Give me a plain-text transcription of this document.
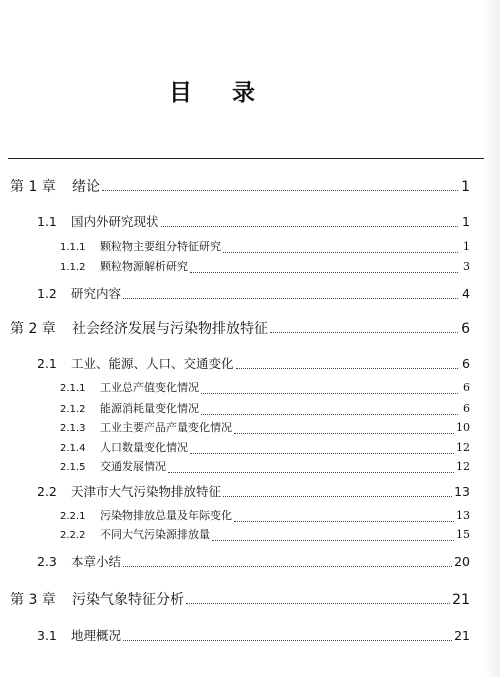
目 录
第 1 章	绪论	1
1.1	国内外研究现状	1
1.1.1	颗粒物主要组分特征研究	1
1.1.2	颗粒物源解析研究	3
1.2	研究内容	4
第 2 章	社会经济发展与污染物排放特征	6
2.1	工业、能源、人口、交通变化	6
2.1.1	工业总产值变化情况	6
2.1.2	能源消耗量变化情况	6
2.1.3	工业主要产品产量变化情况	10
2.1.4	人口数量变化情况	12
2.1.5	交通发展情况	12
2.2	天津市大气污染物排放特征	13
2.2.1	污染物排放总量及年际变化	13
2.2.2	不同大气污染源排放量	15
2.3	本章小结	20
第 3 章	污染气象特征分析	21
3.1	地理概况	21
